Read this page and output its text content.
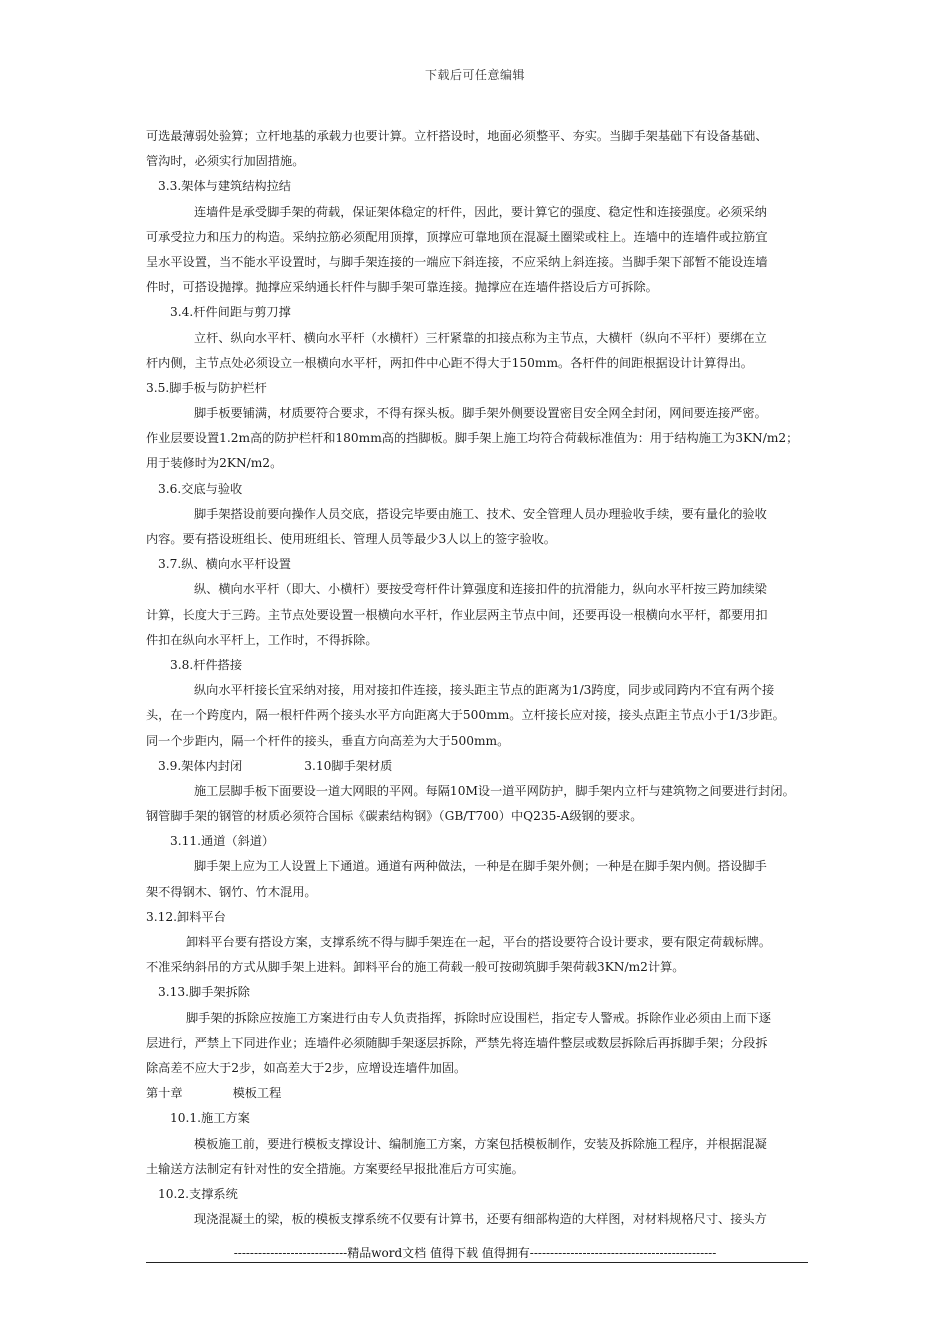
下载后可任意编辑
可选最薄弱处验算；立杆地基的承载力也要计算。立杆搭设时，地面必须整平、夯实。当脚手架基础下有设备基础、
管沟时，必须实行加固措施。
3.3.架体与建筑结构拉结
连墙件是承受脚手架的荷载，保证架体稳定的杆件，因此，要计算它的强度、稳定性和连接强度。必须采纳
可承受拉力和压力的构造。采纳拉筋必须配用顶撑，顶撑应可靠地顶在混凝土圈梁或柱上。连墙中的连墙件或拉筋宜
呈水平设置，当不能水平设置时，与脚手架连接的一端应下斜连接，不应采纳上斜连接。当脚手架下部暂不能设连墙
件时，可搭设抛撑。抛撑应采纳通长杆件与脚手架可靠连接。抛撑应在连墙件搭设后方可拆除。
3.4.杆件间距与剪刀撑
立杆、纵向水平杆、横向水平杆（水横杆）三杆紧靠的扣接点称为主节点，大横杆（纵向不平杆）要绑在立
杆内侧，主节点处必须设立一根横向水平杆，两扣件中心距不得大于150mm。各杆件的间距根据设计计算得出。
3.5.脚手板与防护栏杆
脚手板要铺满，材质要符合要求，不得有探头板。脚手架外侧要设置密目安全网全封闭，网间要连接严密。
作业层要设置1.2m高的防护栏杆和180mm高的挡脚板。脚手架上施工均符合荷载标准值为：用于结构施工为3KN/m2；
用于装修时为2KN/m2。
3.6.交底与验收
脚手架搭设前要向操作人员交底，搭设完毕要由施工、技术、安全管理人员办理验收手续，要有量化的验收
内容。要有搭设班组长、使用班组长、管理人员等最少3人以上的签字验收。
3.7.纵、横向水平杆设置
纵、横向水平杆（即大、小横杆）要按受弯杆件计算强度和连接扣件的抗滑能力，纵向水平杆按三跨加续梁
计算，长度大于三跨。主节点处要设置一根横向水平杆，作业层两主节点中间，还要再设一根横向水平杆，都要用扣
件扣在纵向水平杆上，工作时，不得拆除。
3.8.杆件搭接
纵向水平杆接长宜采纳对接，用对接扣件连接，接头距主节点的距离为1/3跨度，同步或同跨内不宜有两个接
头，在一个跨度内，隔一根杆件两个接头水平方向距离大于500mm。立杆接长应对接，接头点距主节点小于1/3步距。
同一个步距内，隔一个杆件的接头，垂直方向高差为大于500mm。
3.9.架体内封闭	3.10脚手架材质
施工层脚手板下面要设一道大网眼的平网。每隔10M设一道平网防护，脚手架内立杆与建筑物之间要进行封闭。
钢管脚手架的钢管的材质必须符合国标《碳素结构钢》（GB/T700）中Q235-A级钢的要求。
3.11.通道（斜道）
脚手架上应为工人设置上下通道。通道有两种做法，一种是在脚手架外侧；一种是在脚手架内侧。搭设脚手
架不得钢木、钢竹、竹木混用。
3.12.卸料平台
卸料平台要有搭设方案，支撑系统不得与脚手架连在一起，平台的搭设要符合设计要求，要有限定荷载标牌。
不准采纳斜吊的方式从脚手架上进料。卸料平台的施工荷载一般可按砌筑脚手架荷载3KN/m2计算。
3.13.脚手架拆除
脚手架的拆除应按施工方案进行由专人负责指挥，拆除时应设围栏，指定专人警戒。拆除作业必须由上而下逐
层进行，严禁上下同进作业；连墙件必须随脚手架逐层拆除，严禁先将连墙件整层或数层拆除后再拆脚手架；分段拆
除高差不应大于2步，如高差大于2步，应增设连墙件加固。
第十章	模板工程
10.1.施工方案
模板施工前，要进行模板支撑设计、编制施工方案，方案包括模板制作，安装及拆除施工程序，并根据混凝
土输送方法制定有针对性的安全措施。方案要经早报批准后方可实施。
10.2.支撑系统
现浇混凝土的梁，板的模板支撑系统不仅要有计算书，还要有细部构造的大样图，对材料规格尺寸、接头方
----------------------------精品word文档 值得下载 值得拥有----------------------------------------------
